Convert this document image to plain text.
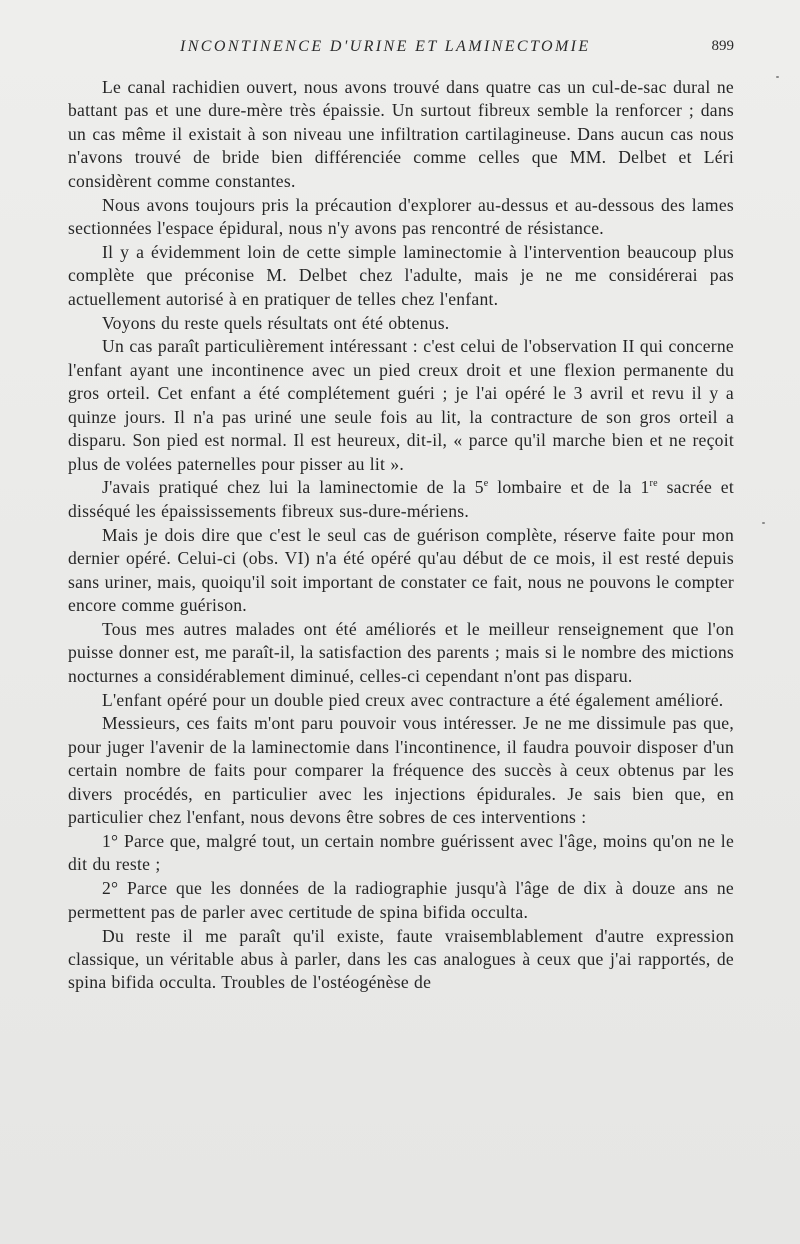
INCONTINENCE D'URINE ET LAMINECTOMIE	899

Le canal rachidien ouvert, nous avons trouvé dans quatre cas un cul-de-sac dural ne battant pas et une dure-mère très épaissie. Un surtout fibreux semble la renforcer ; dans un cas même il existait à son niveau une infiltration cartilagineuse. Dans aucun cas nous n'avons trouvé de bride bien différenciée comme celles que MM. Delbet et Léri considèrent comme constantes.

Nous avons toujours pris la précaution d'explorer au-dessus et au-dessous des lames sectionnées l'espace épidural, nous n'y avons pas rencontré de résistance.

Il y a évidemment loin de cette simple laminectomie à l'intervention beaucoup plus complète que préconise M. Delbet chez l'adulte, mais je ne me considérerai pas actuellement autorisé à en pratiquer de telles chez l'enfant.

Voyons du reste quels résultats ont été obtenus.

Un cas paraît particulièrement intéressant : c'est celui de l'observation II qui concerne l'enfant ayant une incontinence avec un pied creux droit et une flexion permanente du gros orteil. Cet enfant a été complétement guéri ; je l'ai opéré le 3 avril et revu il y a quinze jours. Il n'a pas uriné une seule fois au lit, la contracture de son gros orteil a disparu. Son pied est normal. Il est heureux, dit-il, « parce qu'il marche bien et ne reçoit plus de volées paternelles pour pisser au lit ».

J'avais pratiqué chez lui la laminectomie de la 5e lombaire et de la 1re sacrée et disséqué les épaississements fibreux sus-dure-mériens.

Mais je dois dire que c'est le seul cas de guérison complète, réserve faite pour mon dernier opéré. Celui-ci (obs. VI) n'a été opéré qu'au début de ce mois, il est resté depuis sans uriner, mais, quoiqu'il soit important de constater ce fait, nous ne pouvons le compter encore comme guérison.

Tous mes autres malades ont été améliorés et le meilleur renseignement que l'on puisse donner est, me paraît-il, la satisfaction des parents ; mais si le nombre des mictions nocturnes a considérablement diminué, celles-ci cependant n'ont pas disparu.

L'enfant opéré pour un double pied creux avec contracture a été également amélioré.

Messieurs, ces faits m'ont paru pouvoir vous intéresser. Je ne me dissimule pas que, pour juger l'avenir de la laminectomie dans l'incontinence, il faudra pouvoir disposer d'un certain nombre de faits pour comparer la fréquence des succès à ceux obtenus par les divers procédés, en particulier avec les injections épidurales. Je sais bien que, en particulier chez l'enfant, nous devons être sobres de ces interventions :

1° Parce que, malgré tout, un certain nombre guérissent avec l'âge, moins qu'on ne le dit du reste ;

2° Parce que les données de la radiographie jusqu'à l'âge de dix à douze ans ne permettent pas de parler avec certitude de spina bifida occulta.

Du reste il me paraît qu'il existe, faute vraisemblablement d'autre expression classique, un véritable abus à parler, dans les cas analogues à ceux que j'ai rapportés, de spina bifida occulta. Troubles de l'ostéogénèse de
